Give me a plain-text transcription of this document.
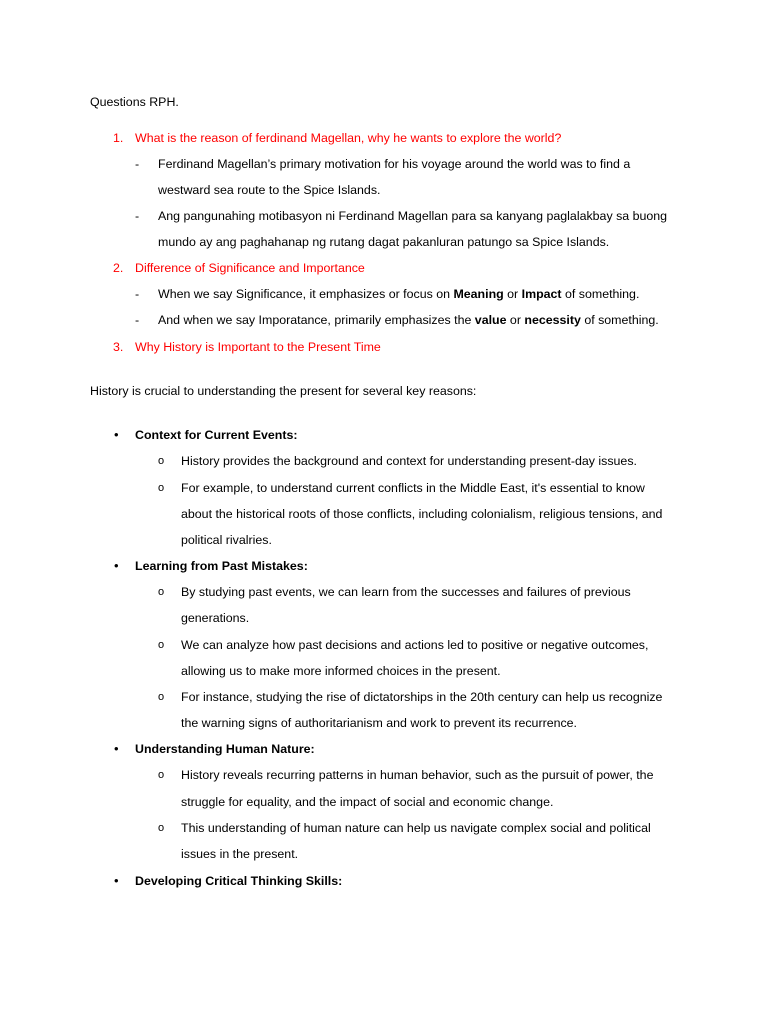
Questions RPH.
1. What is the reason of ferdinand Magellan, why he wants to explore the world?
- Ferdinand Magellan’s primary motivation for his voyage around the world was to find a
westward sea route to the Spice Islands.
- Ang pangunahing motibasyon ni Ferdinand Magellan para sa kanyang paglalakbay sa buong
mundo ay ang paghahanap ng rutang dagat pakanluran patungo sa Spice Islands.
2. Difference of Significance and Importance
- When we say Significance, it emphasizes or focus on Meaning or Impact of something.
- And when we say Imporatance, primarily emphasizes the value or necessity of something.
3. Why History is Important to the Present Time
History is crucial to understanding the present for several key reasons:
• Context for Current Events:
o History provides the background and context for understanding present-day issues.
o For example, to understand current conflicts in the Middle East, it's essential to know
about the historical roots of those conflicts, including colonialism, religious tensions, and
political rivalries.
• Learning from Past Mistakes:
o By studying past events, we can learn from the successes and failures of previous
generations.
o We can analyze how past decisions and actions led to positive or negative outcomes,
allowing us to make more informed choices in the present.
o For instance, studying the rise of dictatorships in the 20th century can help us recognize
the warning signs of authoritarianism and work to prevent its recurrence.
• Understanding Human Nature:
o History reveals recurring patterns in human behavior, such as the pursuit of power, the
struggle for equality, and the impact of social and economic change.
o This understanding of human nature can help us navigate complex social and political
issues in the present.
• Developing Critical Thinking Skills:
